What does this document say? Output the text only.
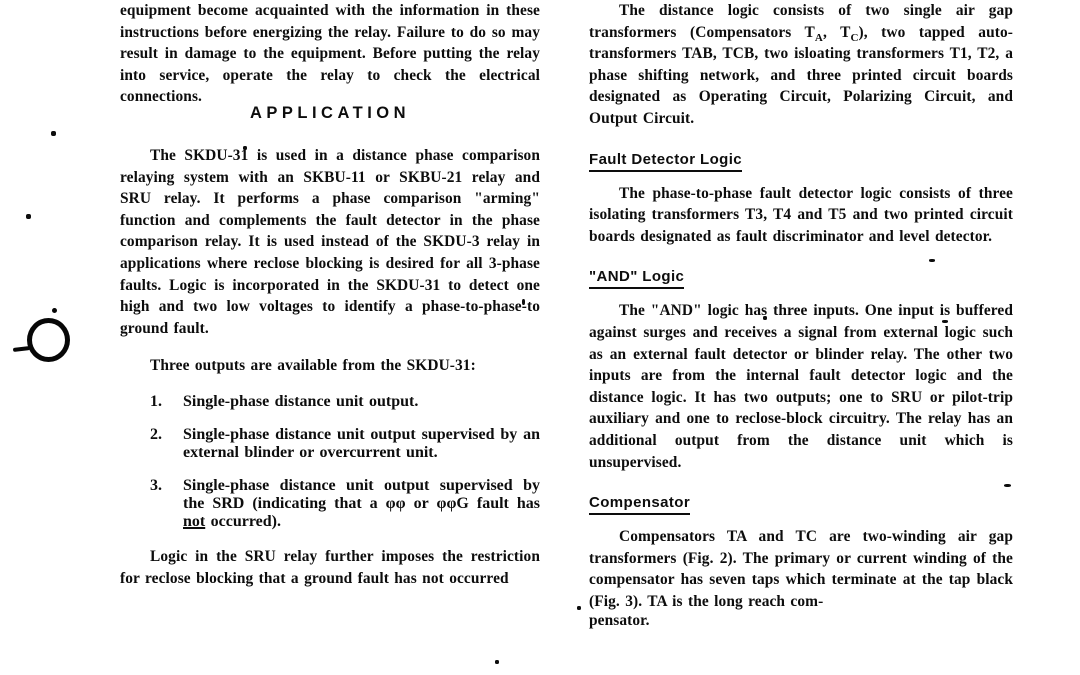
equipment become acquainted with the information in these instructions before energizing the relay. Failure to do so may result in damage to the equipment. Before putting the relay into service, operate the relay to check the electrical connections.

APPLICATION

The SKDU-31 is used in a distance phase comparison relaying system with an SKBU-11 or SKBU-21 relay and SRU relay. It performs a phase comparison "arming" function and complements the fault detector in the phase comparison relay. It is used instead of the SKDU-3 relay in applications where reclose blocking is desired for all 3-phase faults. Logic is incorporated in the SKDU-31 to detect one high and two low voltages to identify a phase-to-phase-to ground fault.

Three outputs are available from the SKDU-31:

1.	Single-phase distance unit output.
2.	Single-phase distance unit output supervised by an external blinder or overcurrent unit.
3.	Single-phase distance unit output supervised by the SRD (indicating that a φφ or φφG fault has not occurred).

Logic in the SRU relay further imposes the restriction for reclose blocking that a ground fault has not occurred

The distance logic consists of two single air gap transformers (Compensators $T_A$, $T_C$), two tapped auto-transformers TAB, TCB, two isloating transformers T1, T2, a phase shifting network, and three printed circuit boards designated as Operating Circuit, Polarizing Circuit, and Output Circuit.

Fault Detector Logic

The phase-to-phase fault detector logic consists of three isolating transformers T3, T4 and T5 and two printed circuit boards designated as fault discriminator and level detector.

"AND" Logic

The "AND" logic has three inputs. One input is buffered against surges and receives a signal from external logic such as an external fault detector or blinder relay. The other two inputs are from the internal fault detector logic and the distance logic. It has two outputs; one to SRU or pilot-trip auxiliary and one to reclose-block circuitry. The relay has an additional output from the distance unit which is unsupervised.

Compensator

Compensators TA and TC are two-winding air gap transformers (Fig. 2). The primary or current winding of the compensator has seven taps which terminate at the tap black (Fig. 3). TA is the long reach com-

pensator.
